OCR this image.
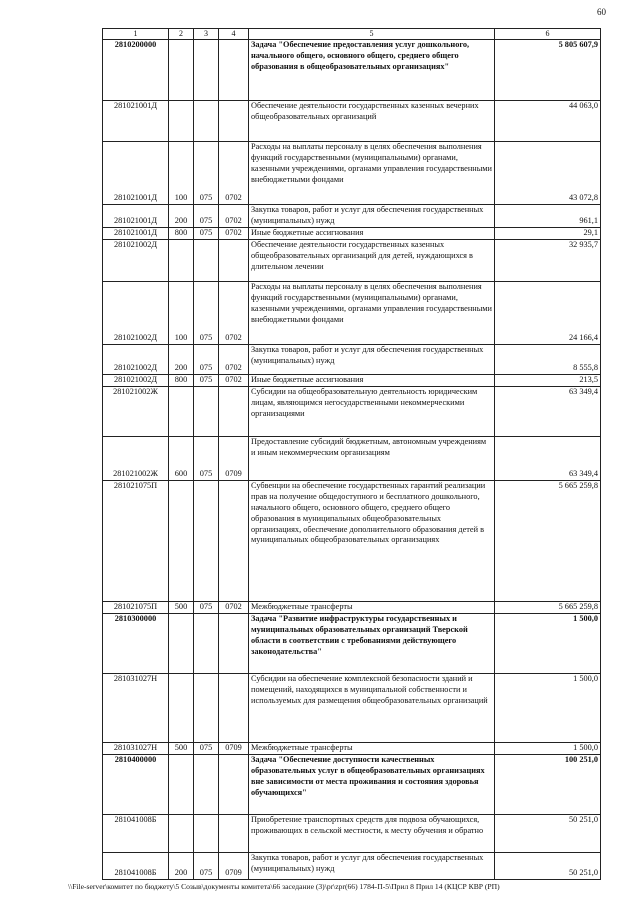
60
1	2	3	4	5	6
2810200000				Задача "Обеспечение предоставления услуг дошкольного, начального общего, основного общего, среднего общего образования в общеобразовательных организациях"	5 805 607,9
281021001Д				Обеспечение деятельности государственных казенных вечерних общеобразовательных организаций	44 063,0
281021001Д	100	075	0702	Расходы на выплаты персоналу в целях обеспечения выполнения функций государственными (муниципальными) органами, казенными учреждениями, органами управления государственными внебюджетными фондами	43 072,8
281021001Д	200	075	0702	Закупка товаров, работ и услуг для обеспечения государственных (муниципальных) нужд	961,1
281021001Д	800	075	0702	Иные бюджетные ассигнования	29,1
281021002Д				Обеспечение деятельности государственных казенных общеобразовательных организаций для детей, нуждающихся в длительном лечении	32 935,7
281021002Д	100	075	0702	Расходы на выплаты персоналу в целях обеспечения выполнения функций государственными (муниципальными) органами, казенными учреждениями, органами управления государственными внебюджетными фондами	24 166,4
281021002Д	200	075	0702	Закупка товаров, работ и услуг для обеспечения государственных (муниципальных) нужд	8 555,8
281021002Д	800	075	0702	Иные бюджетные ассигнования	213,5
281021002Ж				Субсидии на общеобразовательную деятельность юридическим лицам, являющимся негосударственными некоммерческими организациями	63 349,4
281021002Ж	600	075	0709	Предоставление субсидий бюджетным, автономным учреждениям и иным некоммерческим организациям	63 349,4
281021075П				Субвенции на обеспечение государственных гарантий реализации прав на получение общедоступного и бесплатного дошкольного, начального общего, основного общего, среднего общего образования в муниципальных общеобразовательных организациях, обеспечение дополнительного образования детей в муниципальных общеобразовательных организациях	5 665 259,8
281021075П	500	075	0702	Межбюджетные трансферты	5 665 259,8
2810300000				Задача "Развитие инфраструктуры государственных и муниципальных образовательных организаций Тверской области в соответствии с требованиями действующего законодательства"	1 500,0
281031027Н				Субсидии на обеспечение комплексной безопасности зданий и помещений, находящихся в муниципальной собственности и используемых для размещения общеобразовательных организаций	1 500,0
281031027Н	500	075	0709	Межбюджетные трансферты	1 500,0
2810400000				Задача "Обеспечение доступности качественных образовательных услуг в общеобразовательных организациях вне зависимости от места проживания и состояния здоровья обучающихся"	100 251,0
281041008Б				Приобретение транспортных средств для подвоза обучающихся, проживающих в сельской местности, к месту обучения и обратно	50 251,0
281041008Б	200	075	0709	Закупка товаров, работ и услуг для обеспечения государственных (муниципальных) нужд	50 251,0
\\File-server\комитет по бюджету\5 Созыв\документы комитета\66 заседание (3)\pr\zpr(66) 1784-П-5\Прил 8 Прил 14 (КЦСР КВР (РП)
